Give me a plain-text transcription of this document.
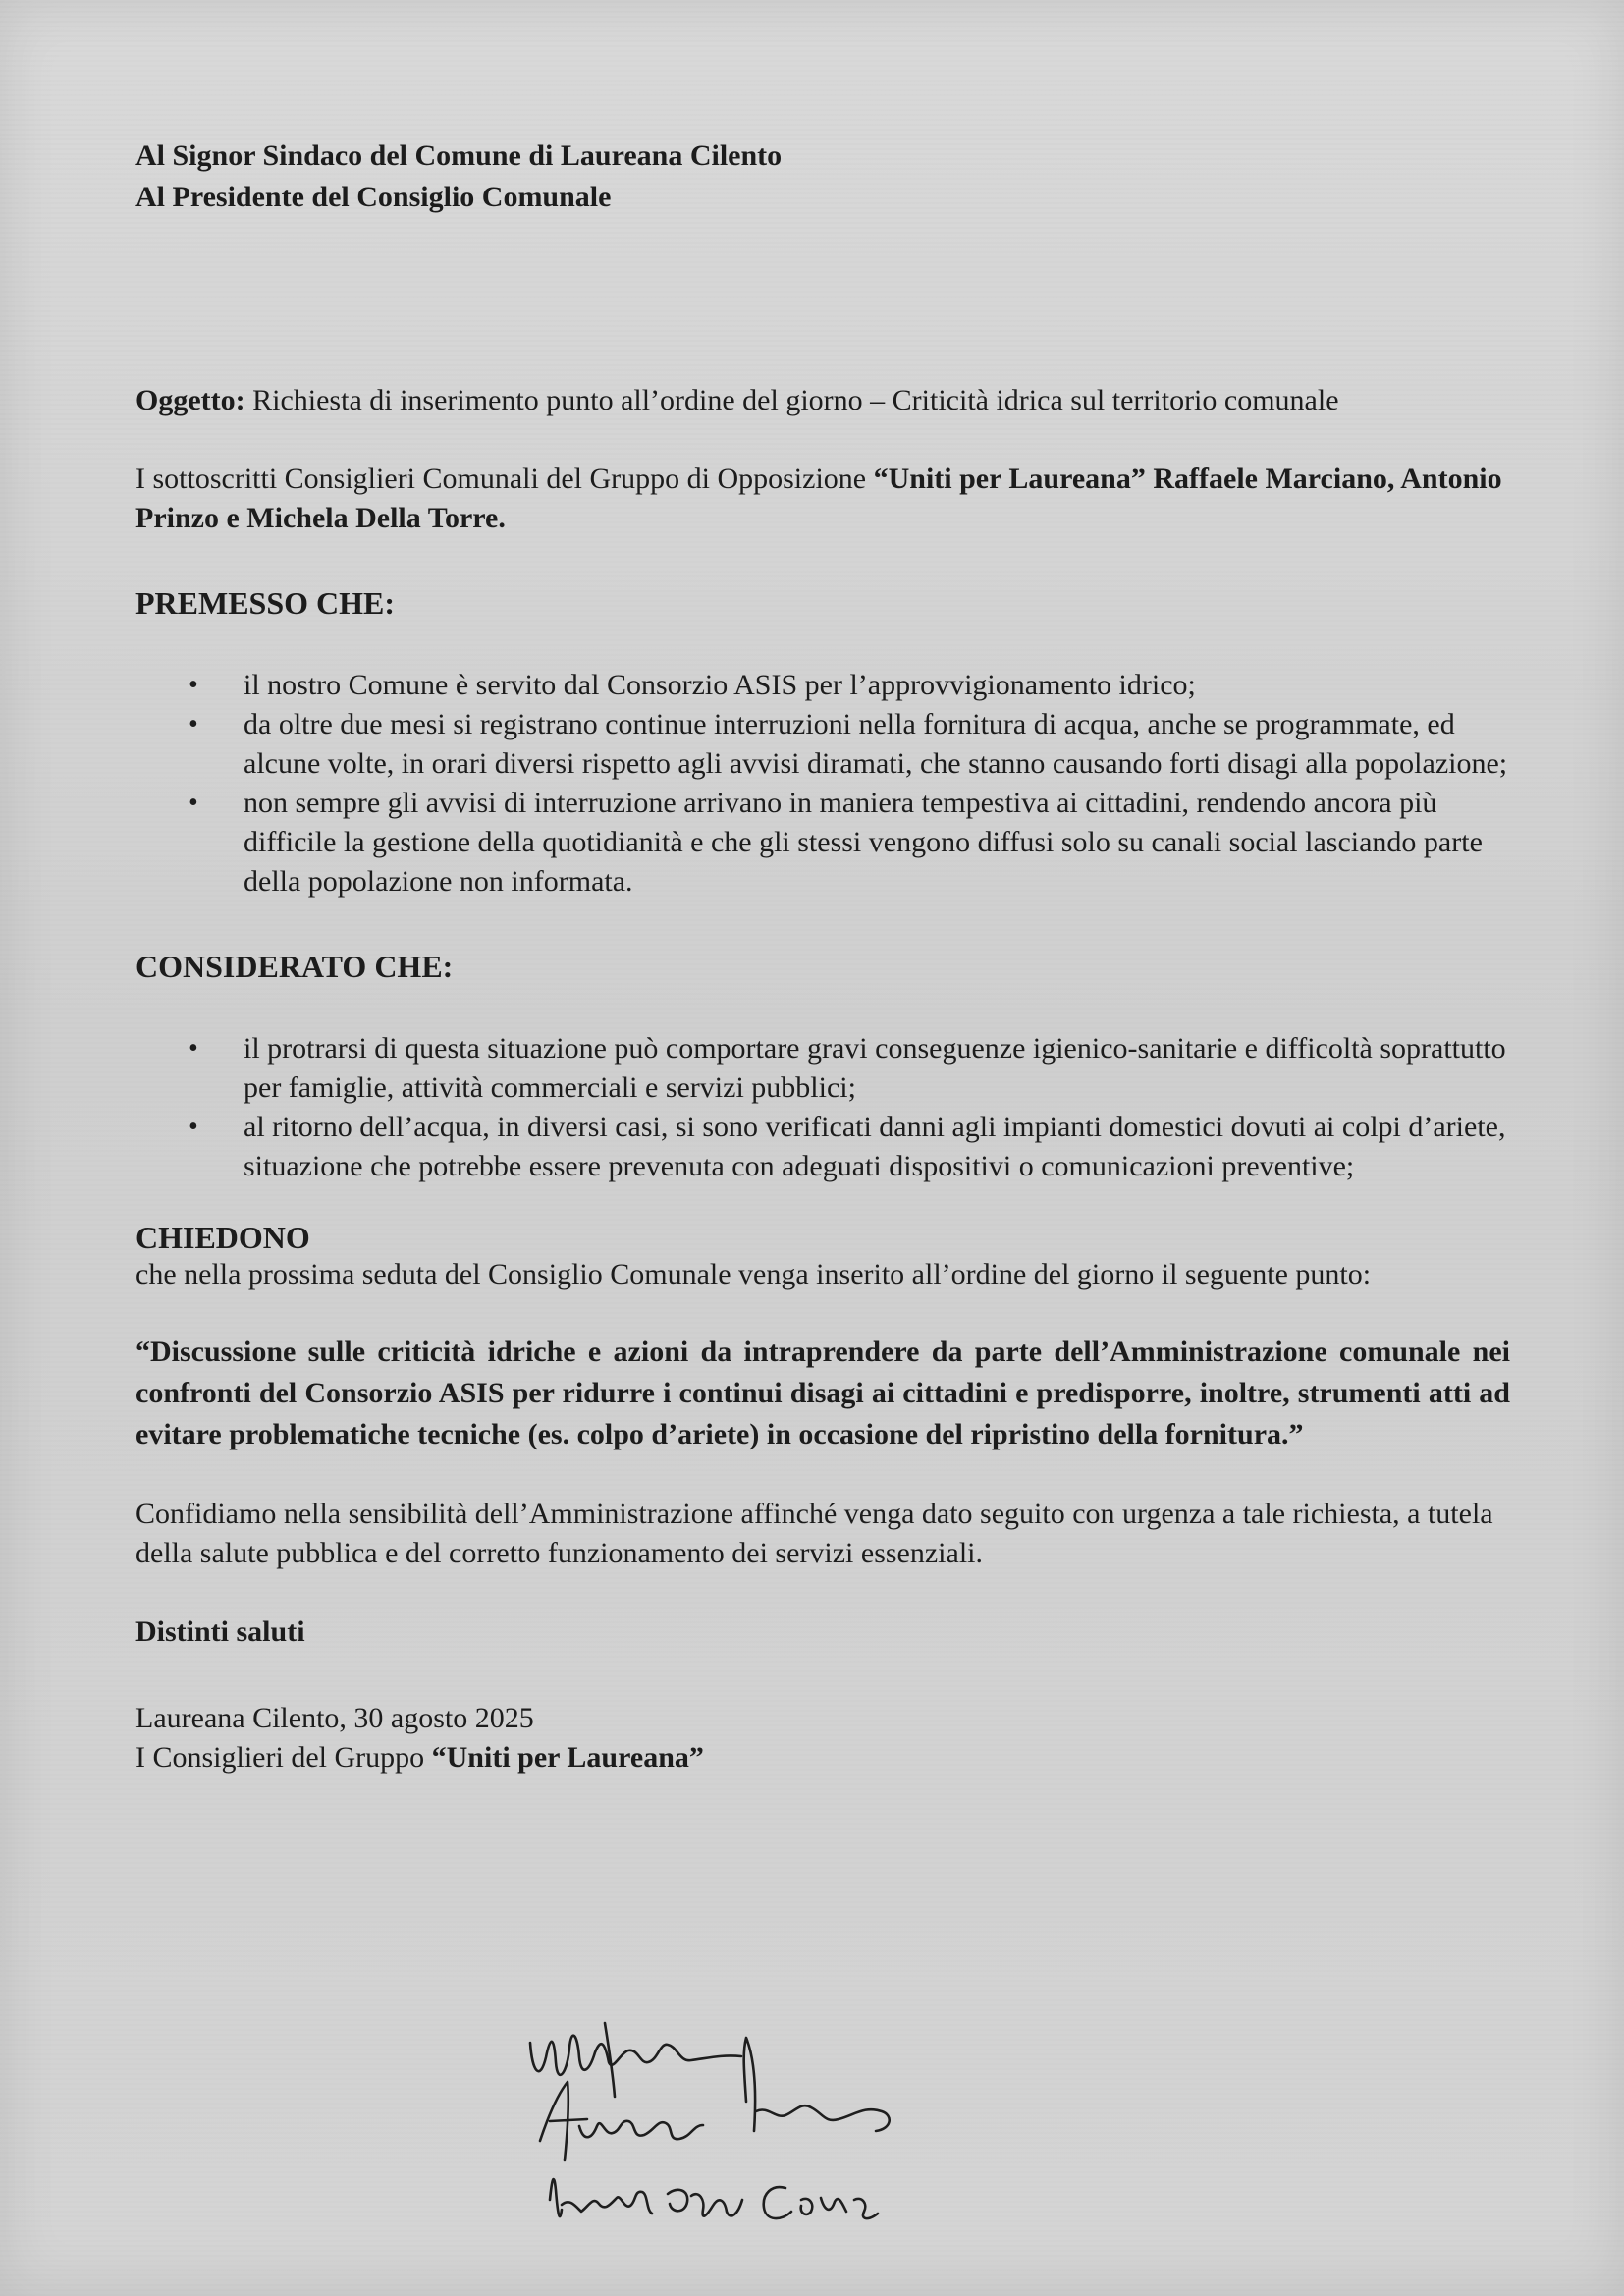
Al Signor Sindaco del Comune di Laureana Cilento
Al Presidente del Consiglio Comunale
Oggetto: Richiesta di inserimento punto all’ordine del giorno – Criticità idrica sul territorio comunale
I sottoscritti Consiglieri Comunali del Gruppo di Opposizione “Uniti per Laureana” Raffaele Marciano, Antonio Prinzo e Michela Della Torre.
PREMESSO CHE:
• il nostro Comune è servito dal Consorzio ASIS per l’approvvigionamento idrico;
• da oltre due mesi si registrano continue interruzioni nella fornitura di acqua, anche se programmate, ed alcune volte, in orari diversi rispetto agli avvisi diramati, che stanno causando forti disagi alla popolazione;
• non sempre gli avvisi di interruzione arrivano in maniera tempestiva ai cittadini, rendendo ancora più difficile la gestione della quotidianità e che gli stessi vengono diffusi solo su canali social lasciando parte della popolazione non informata.
CONSIDERATO CHE:
• il protrarsi di questa situazione può comportare gravi conseguenze igienico-sanitarie e difficoltà soprattutto per famiglie, attività commerciali e servizi pubblici;
• al ritorno dell’acqua, in diversi casi, si sono verificati danni agli impianti domestici dovuti ai colpi d’ariete, situazione che potrebbe essere prevenuta con adeguati dispositivi o comunicazioni preventive;
CHIEDONO
che nella prossima seduta del Consiglio Comunale venga inserito all’ordine del giorno il seguente punto:
“Discussione sulle criticità idriche e azioni da intraprendere da parte dell’Amministrazione comunale nei confronti del Consorzio ASIS per ridurre i continui disagi ai cittadini e predisporre, inoltre, strumenti atti ad evitare problematiche tecniche (es. colpo d’ariete) in occasione del ripristino della fornitura.”
Confidiamo nella sensibilità dell’Amministrazione affinché venga dato seguito con urgenza a tale richiesta, a tutela della salute pubblica e del corretto funzionamento dei servizi essenziali.
Distinti saluti
Laureana Cilento, 30 agosto 2025
I Consiglieri del Gruppo “Uniti per Laureana”
